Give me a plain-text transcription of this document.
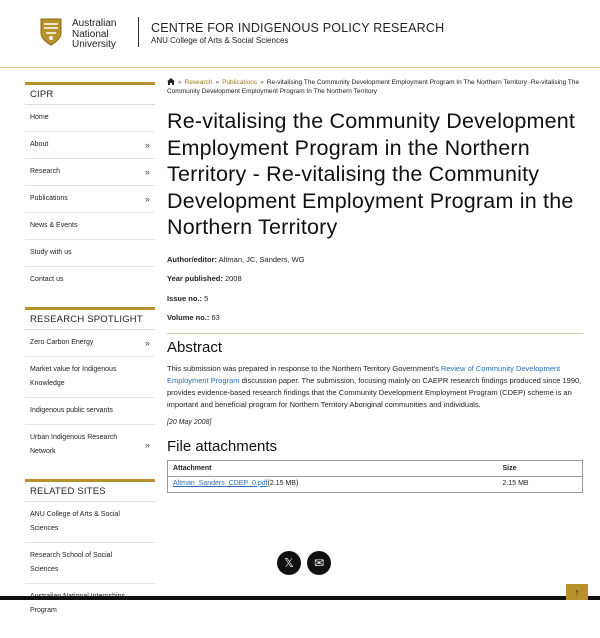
Australian
National
University
CENTRE FOR INDIGENOUS POLICY RESEARCH
ANU College of Arts & Social Sciences
CIPR
Home
About	»
Research	»
Publications	»
News & Events
Study with us
Contact us
RESEARCH SPOTLIGHT
Zero Carbon Energy	»
Market value for Indigenous Knowledge
Indigenous public servants
Urban Indigenous Research Network
»
RELATED SITES
ANU College of Arts & Social Sciences
Research School of Social Sciences
Program
» Research » Publications » Re-vitalising The Community Development Employment Program In The Northern Territory -Re-vitalising The Community Development Employment Program In The Northern Territory
Re-vitalising the Community Development Employment Program in the Northern Territory - Re-vitalising the Community Development Employment Program in the Northern Territory
Author/editor: Altman, JC, Sanders, WG
Year published: 2008
Issue no.: 5
Volume no.: 63
Abstract

This submission was prepared in response to the Northern Territory Government's Review of Community Development Employment Program discussion paper. The submission, focusing mainly on CAEPR research findings produced since 1990, provides evidence-based research findings that the Community Development Employment Program (CDEP) scheme is an important and beneficial program for Northern Territory Aboriginal communities and individuals.

[20 May 2008]

File attachments
Attachment	Size
Altman_Sanders_CDEP_0.pdf(2.15 MB)	2.15 MB
𝕏	✉
↑
